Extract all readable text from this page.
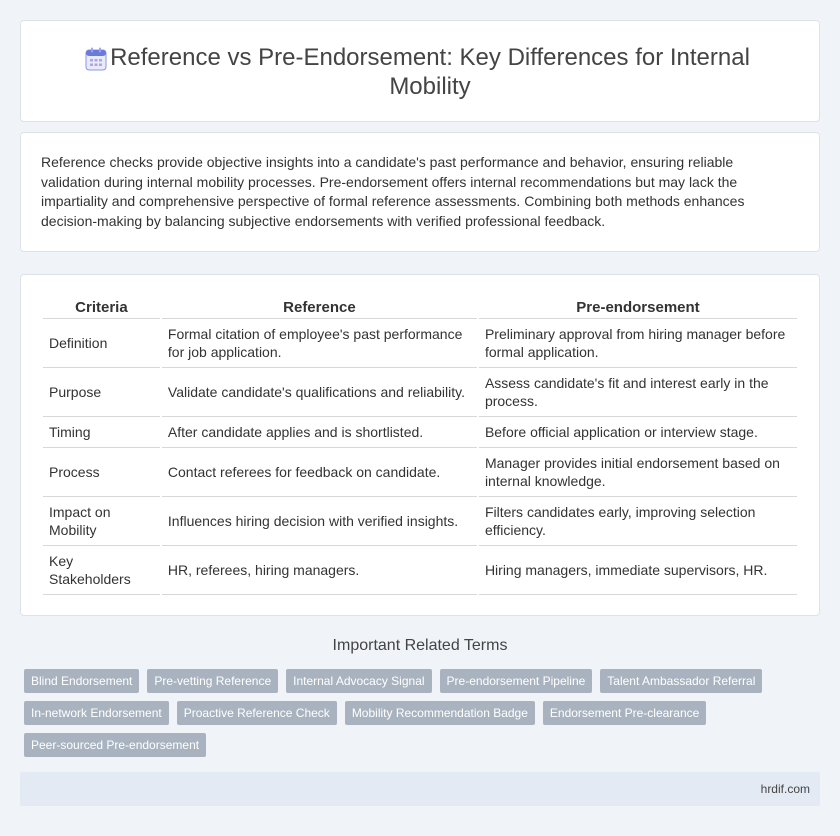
Reference vs Pre-Endorsement: Key Differences for Internal Mobility

Reference checks provide objective insights into a candidate's past performance and behavior, ensuring reliable validation during internal mobility processes. Pre-endorsement offers internal recommendations but may lack the impartiality and comprehensive perspective of formal reference assessments. Combining both methods enhances decision-making by balancing subjective endorsements with verified professional feedback.

Criteria	Reference	Pre-endorsement
Definition	Formal citation of employee's past performance for job application.	Preliminary approval from hiring manager before formal application.
Purpose	Validate candidate's qualifications and reliability.	Assess candidate's fit and interest early in the process.
Timing	After candidate applies and is shortlisted.	Before official application or interview stage.
Process	Contact referees for feedback on candidate.	Manager provides initial endorsement based on internal knowledge.
Impact on Mobility	Influences hiring decision with verified insights.	Filters candidates early, improving selection efficiency.
Key Stakeholders	HR, referees, hiring managers.	Hiring managers, immediate supervisors, HR.
Important Related Terms
Blind Endorsement	Pre-vetting Reference	Internal Advocacy Signal	Pre-endorsement Pipeline	Talent Ambassador Referral
In-network Endorsement	Proactive Reference Check	Mobility Recommendation Badge	Endorsement Pre-clearance
Peer-sourced Pre-endorsement
hrdif.com
